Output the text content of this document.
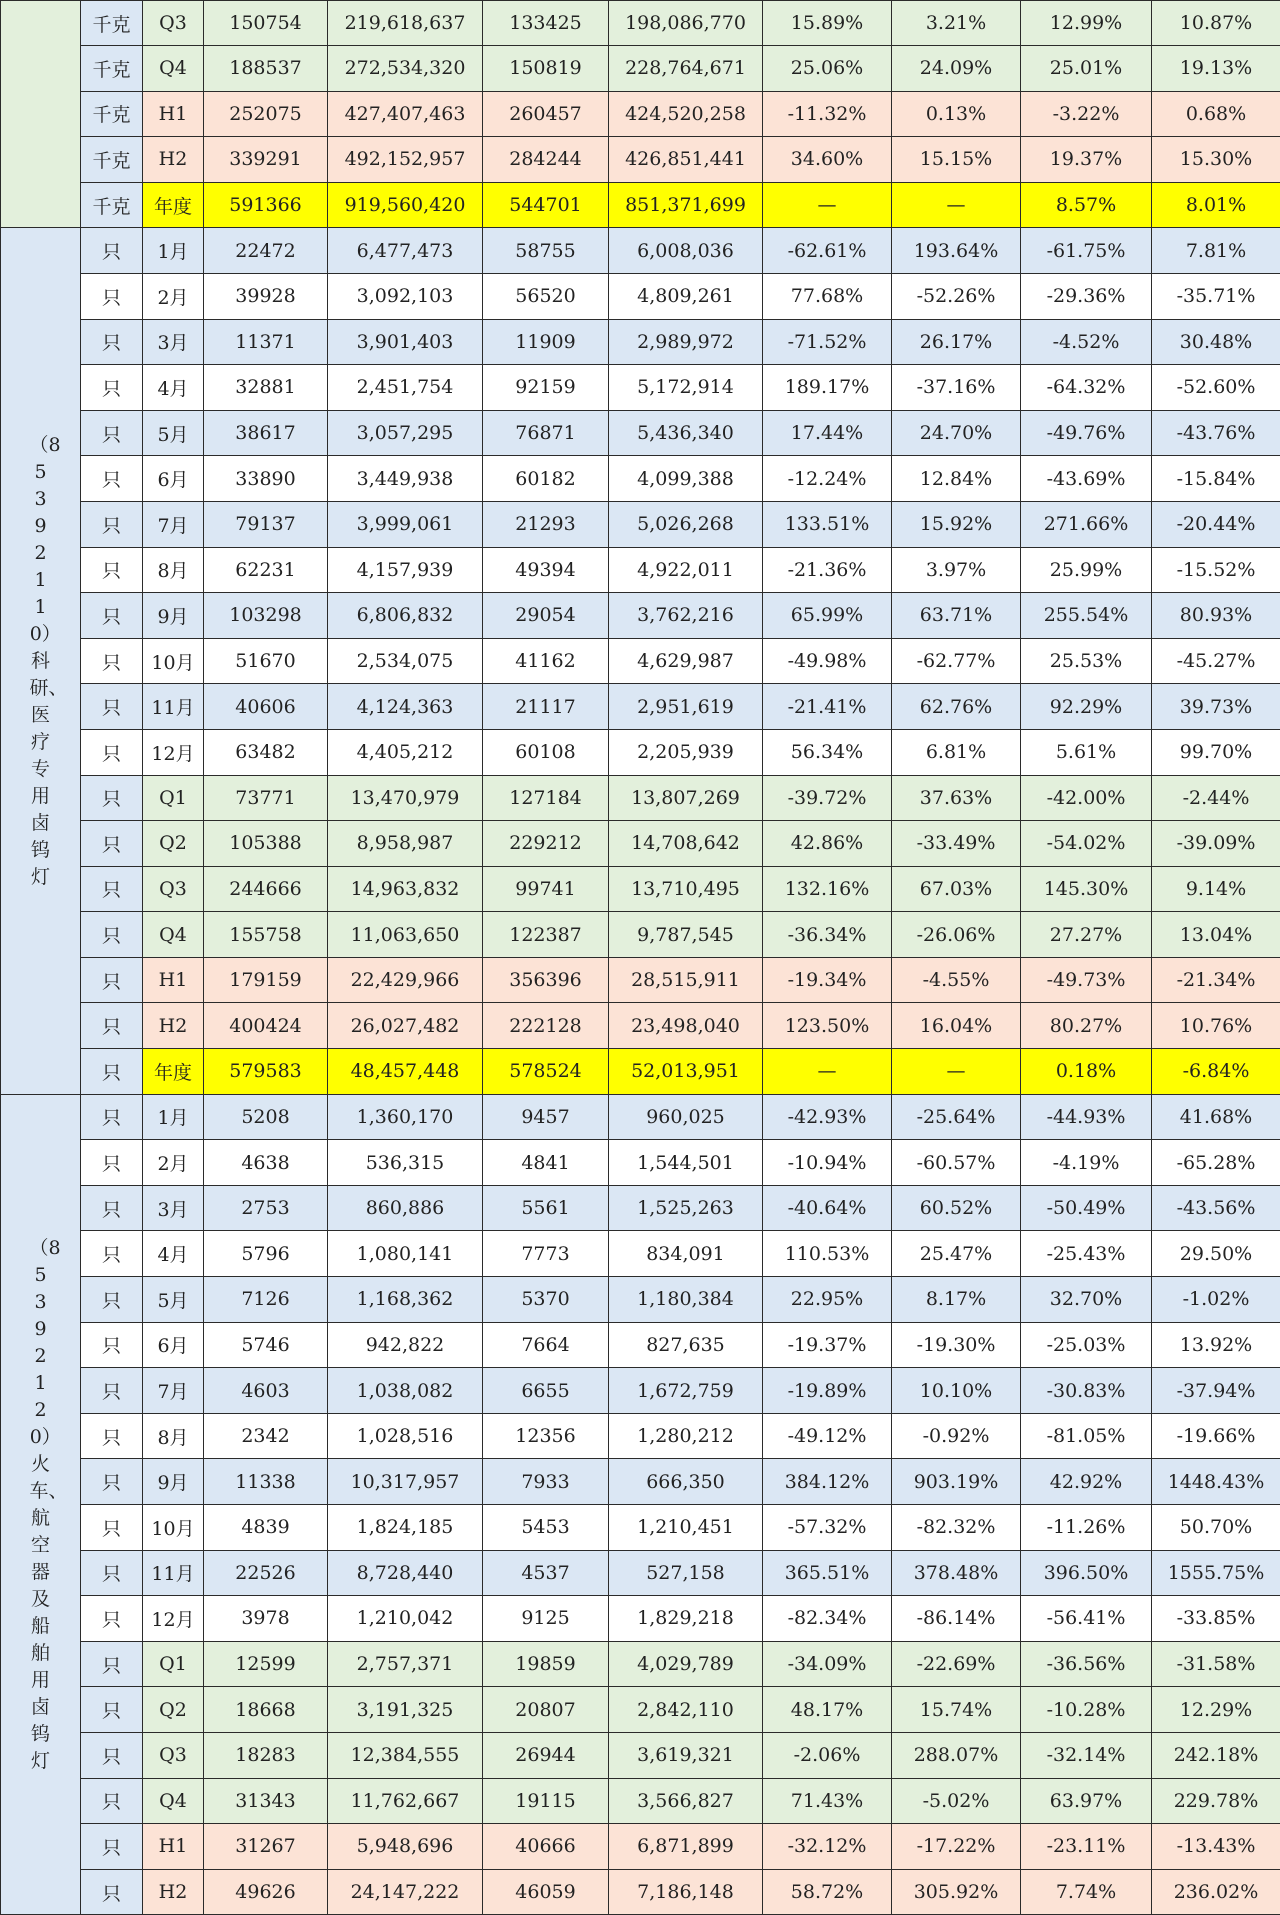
	千克	Q3	150754	219,618,637	133425	198,086,770	15.89%	3.21%	12.99%	10.87%
	千克	Q4	188537	272,534,320	150819	228,764,671	25.06%	24.09%	25.01%	19.13%
	千克	H1	252075	427,407,463	260457	424,520,258	-11.32%	0.13%	-3.22%	0.68%
	千克	H2	339291	492,152,957	284244	426,851,441	34.60%	15.15%	19.37%	15.30%
	千克	年度	591366	919,560,420	544701	851,371,699	—	—	8.57%	8.01%
（85392110）科研、医疗专用卤钨灯	只	1月	22472	6,477,473	58755	6,008,036	-62.61%	193.64%	-61.75%	7.81%
	只	2月	39928	3,092,103	56520	4,809,261	77.68%	-52.26%	-29.36%	-35.71%
	只	3月	11371	3,901,403	11909	2,989,972	-71.52%	26.17%	-4.52%	30.48%
	只	4月	32881	2,451,754	92159	5,172,914	189.17%	-37.16%	-64.32%	-52.60%
	只	5月	38617	3,057,295	76871	5,436,340	17.44%	24.70%	-49.76%	-43.76%
	只	6月	33890	3,449,938	60182	4,099,388	-12.24%	12.84%	-43.69%	-15.84%
	只	7月	79137	3,999,061	21293	5,026,268	133.51%	15.92%	271.66%	-20.44%
	只	8月	62231	4,157,939	49394	4,922,011	-21.36%	3.97%	25.99%	-15.52%
	只	9月	103298	6,806,832	29054	3,762,216	65.99%	63.71%	255.54%	80.93%
	只	10月	51670	2,534,075	41162	4,629,987	-49.98%	-62.77%	25.53%	-45.27%
	只	11月	40606	4,124,363	21117	2,951,619	-21.41%	62.76%	92.29%	39.73%
	只	12月	63482	4,405,212	60108	2,205,939	56.34%	6.81%	5.61%	99.70%
	只	Q1	73771	13,470,979	127184	13,807,269	-39.72%	37.63%	-42.00%	-2.44%
	只	Q2	105388	8,958,987	229212	14,708,642	42.86%	-33.49%	-54.02%	-39.09%
	只	Q3	244666	14,963,832	99741	13,710,495	132.16%	67.03%	145.30%	9.14%
	只	Q4	155758	11,063,650	122387	9,787,545	-36.34%	-26.06%	27.27%	13.04%
	只	H1	179159	22,429,966	356396	28,515,911	-19.34%	-4.55%	-49.73%	-21.34%
	只	H2	400424	26,027,482	222128	23,498,040	123.50%	16.04%	80.27%	10.76%
	只	年度	579583	48,457,448	578524	52,013,951	—	—	0.18%	-6.84%
（85392120）火车、航空器及船舶用卤钨灯	只	1月	5208	1,360,170	9457	960,025	-42.93%	-25.64%	-44.93%	41.68%
	只	2月	4638	536,315	4841	1,544,501	-10.94%	-60.57%	-4.19%	-65.28%
	只	3月	2753	860,886	5561	1,525,263	-40.64%	60.52%	-50.49%	-43.56%
	只	4月	5796	1,080,141	7773	834,091	110.53%	25.47%	-25.43%	29.50%
	只	5月	7126	1,168,362	5370	1,180,384	22.95%	8.17%	32.70%	-1.02%
	只	6月	5746	942,822	7664	827,635	-19.37%	-19.30%	-25.03%	13.92%
	只	7月	4603	1,038,082	6655	1,672,759	-19.89%	10.10%	-30.83%	-37.94%
	只	8月	2342	1,028,516	12356	1,280,212	-49.12%	-0.92%	-81.05%	-19.66%
	只	9月	11338	10,317,957	7933	666,350	384.12%	903.19%	42.92%	1448.43%
	只	10月	4839	1,824,185	5453	1,210,451	-57.32%	-82.32%	-11.26%	50.70%
	只	11月	22526	8,728,440	4537	527,158	365.51%	378.48%	396.50%	1555.75%
	只	12月	3978	1,210,042	9125	1,829,218	-82.34%	-86.14%	-56.41%	-33.85%
	只	Q1	12599	2,757,371	19859	4,029,789	-34.09%	-22.69%	-36.56%	-31.58%
	只	Q2	18668	3,191,325	20807	2,842,110	48.17%	15.74%	-10.28%	12.29%
	只	Q3	18283	12,384,555	26944	3,619,321	-2.06%	288.07%	-32.14%	242.18%
	只	Q4	31343	11,762,667	19115	3,566,827	71.43%	-5.02%	63.97%	229.78%
	只	H1	31267	5,948,696	40666	6,871,899	-32.12%	-17.22%	-23.11%	-13.43%
	只	H2	49626	24,147,222	46059	7,186,148	58.72%	305.92%	7.74%	236.02%
